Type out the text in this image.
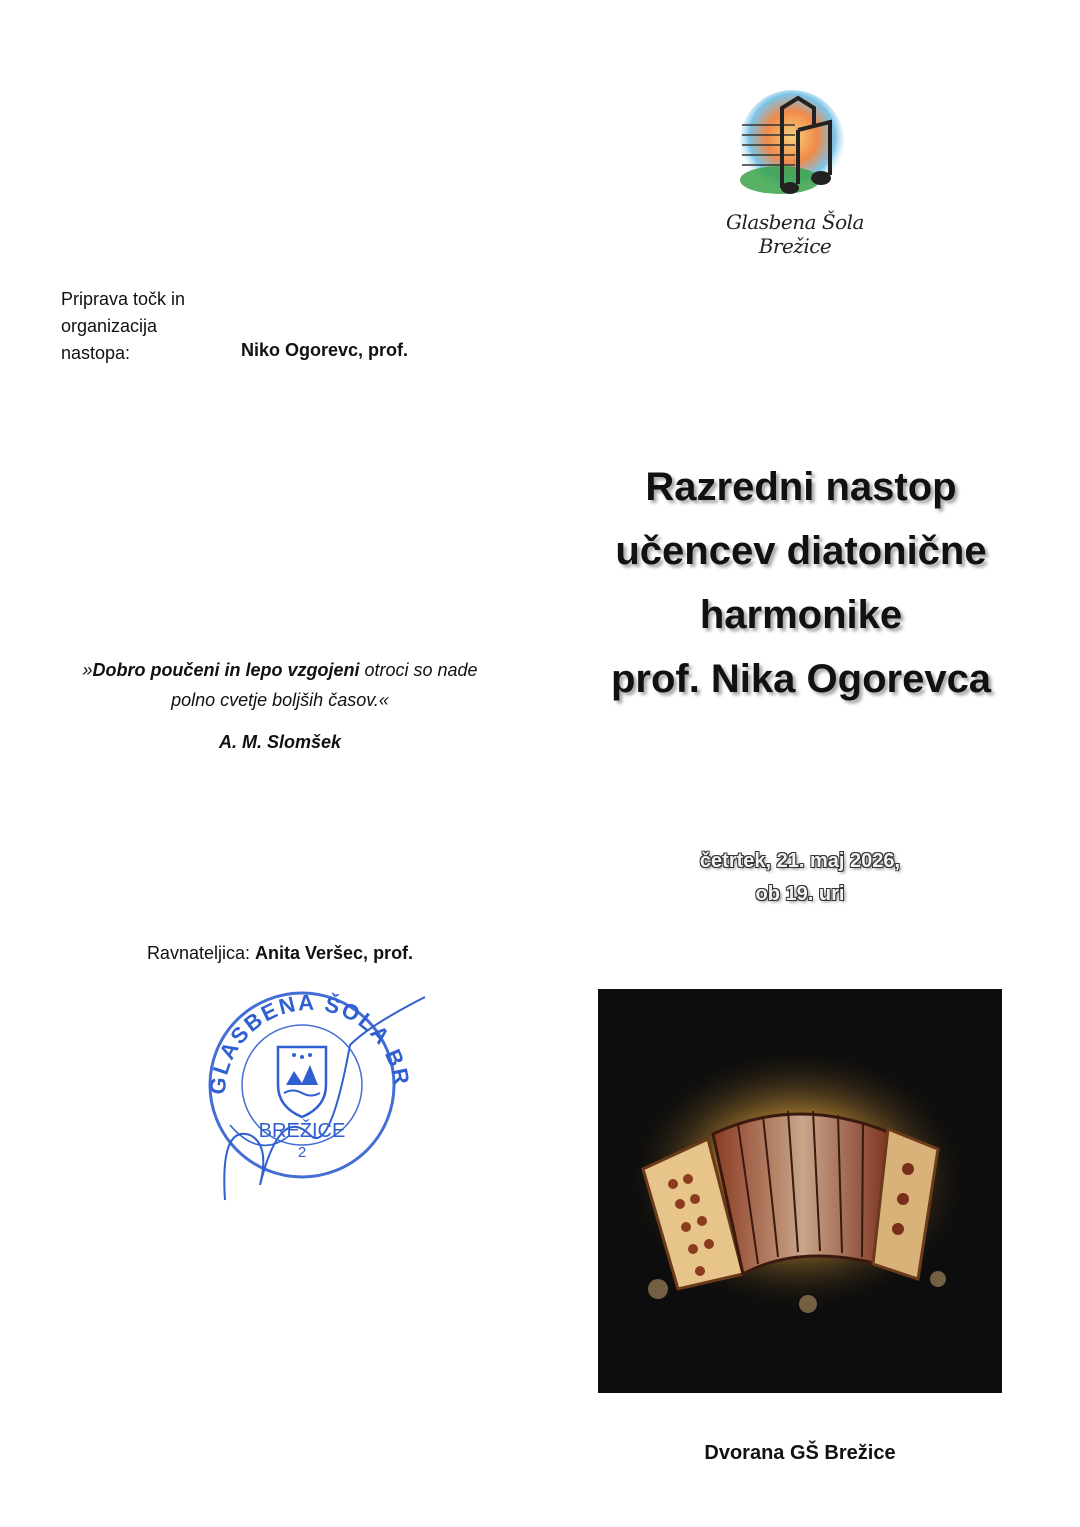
Glasbena Šola Brežice
Priprava točk in organizacija nastopa:	Niko Ogorevc, prof.
»Dobro poučeni in lepo vzgojeni otroci so nade polno cvetje boljših časov.«
A. M. Slomšek
Ravnateljica: Anita Veršec, prof.
GLASBENA ŠOLA BR
BREŽICE
2
Razredni nastop
učencev diatonične
harmonike
prof. Nika Ogorevca
četrtek, 21. maj 2026,
ob 19. uri
Dvorana GŠ Brežice
